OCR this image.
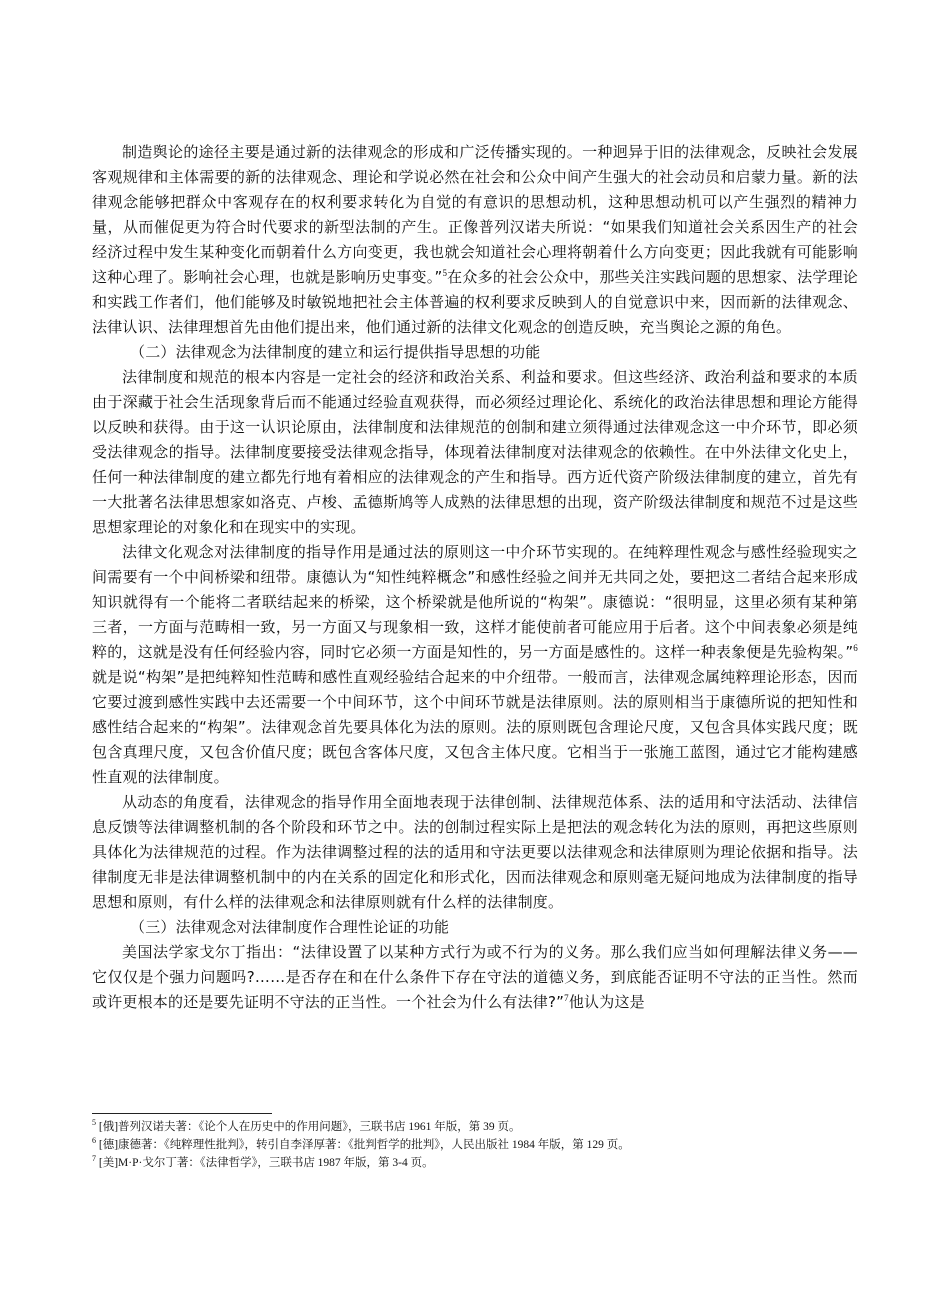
制造舆论的途径主要是通过新的法律观念的形成和广泛传播实现的。一种迥异于旧的法律观念，反映社会发展客观规律和主体需要的新的法律观念、理论和学说必然在社会和公众中间产生强大的社会动员和启蒙力量。新的法律观念能够把群众中客观存在的权利要求转化为自觉的有意识的思想动机，这种思想动机可以产生强烈的精神力量，从而催促更为符合时代要求的新型法制的产生。正像普列汉诺夫所说：“如果我们知道社会关系因生产的社会经济过程中发生某种变化而朝着什么方向变更，我也就会知道社会心理将朝着什么方向变更；因此我就有可能影响这种心理了。影响社会心理，也就是影响历史事变。”$^5$在众多的社会公众中，那些关注实践问题的思想家、法学理论和实践工作者们，他们能够及时敏锐地把社会主体普遍的权利要求反映到人的自觉意识中来，因而新的法律观念、法律认识、法律理想首先由他们提出来，他们通过新的法律文化观念的创造反映，充当舆论之源的角色。

（二）法律观念为法律制度的建立和运行提供指导思想的功能

法律制度和规范的根本内容是一定社会的经济和政治关系、利益和要求。但这些经济、政治利益和要求的本质由于深藏于社会生活现象背后而不能通过经验直观获得，而必须经过理论化、系统化的政治法律思想和理论方能得以反映和获得。由于这一认识论原由，法律制度和法律规范的创制和建立须得通过法律观念这一中介环节，即必须受法律观念的指导。法律制度要接受法律观念指导，体现着法律制度对法律观念的依赖性。在中外法律文化史上，任何一种法律制度的建立都先行地有着相应的法律观念的产生和指导。西方近代资产阶级法律制度的建立，首先有一大批著名法律思想家如洛克、卢梭、孟德斯鸠等人成熟的法律思想的出现，资产阶级法律制度和规范不过是这些思想家理论的对象化和在现实中的实现。

法律文化观念对法律制度的指导作用是通过法的原则这一中介环节实现的。在纯粹理性观念与感性经验现实之间需要有一个中间桥梁和纽带。康德认为“知性纯粹概念”和感性经验之间并无共同之处，要把这二者结合起来形成知识就得有一个能将二者联结起来的桥梁，这个桥梁就是他所说的“构架”。康德说：“很明显，这里必须有某种第三者，一方面与范畴相一致，另一方面又与现象相一致，这样才能使前者可能应用于后者。这个中间表象必须是纯粹的，这就是没有任何经验内容，同时它必须一方面是知性的，另一方面是感性的。这样一种表象便是先验构架。”$^6$就是说“构架”是把纯粹知性范畴和感性直观经验结合起来的中介纽带。一般而言，法律观念属纯粹理论形态，因而它要过渡到感性实践中去还需要一个中间环节，这个中间环节就是法律原则。法的原则相当于康德所说的把知性和感性结合起来的“构架”。法律观念首先要具体化为法的原则。法的原则既包含理论尺度，又包含具体实践尺度；既包含真理尺度，又包含价值尺度；既包含客体尺度，又包含主体尺度。它相当于一张施工蓝图，通过它才能构建感性直观的法律制度。

从动态的角度看，法律观念的指导作用全面地表现于法律创制、法律规范体系、法的适用和守法活动、法律信息反馈等法律调整机制的各个阶段和环节之中。法的创制过程实际上是把法的观念转化为法的原则，再把这些原则具体化为法律规范的过程。作为法律调整过程的法的适用和守法更要以法律观念和法律原则为理论依据和指导。法律制度无非是法律调整机制中的内在关系的固定化和形式化，因而法律观念和原则毫无疑问地成为法律制度的指导思想和原则，有什么样的法律观念和法律原则就有什么样的法律制度。

（三）法律观念对法律制度作合理性论证的功能

美国法学家戈尔丁指出：“法律设置了以某种方式行为或不行为的义务。那么我们应当如何理解法律义务——它仅仅是个强力问题吗?……是否存在和在什么条件下存在守法的道德义务，到底能否证明不守法的正当性。然而或许更根本的还是要先证明不守法的正当性。一个社会为什么有法律?”$^7$他认为这是

$^5$ [俄]普列汉诺夫著：《论个人在历史中的作用问题》，三联书店 1961 年版，第 39 页。
$^6$ [德]康德著：《纯粹理性批判》，转引自李泽厚著：《批判哲学的批判》，人民出版社 1984 年版，第 129 页。
$^7$ [美]M·P·戈尔丁著：《法律哲学》，三联书店 1987 年版，第 3-4 页。
